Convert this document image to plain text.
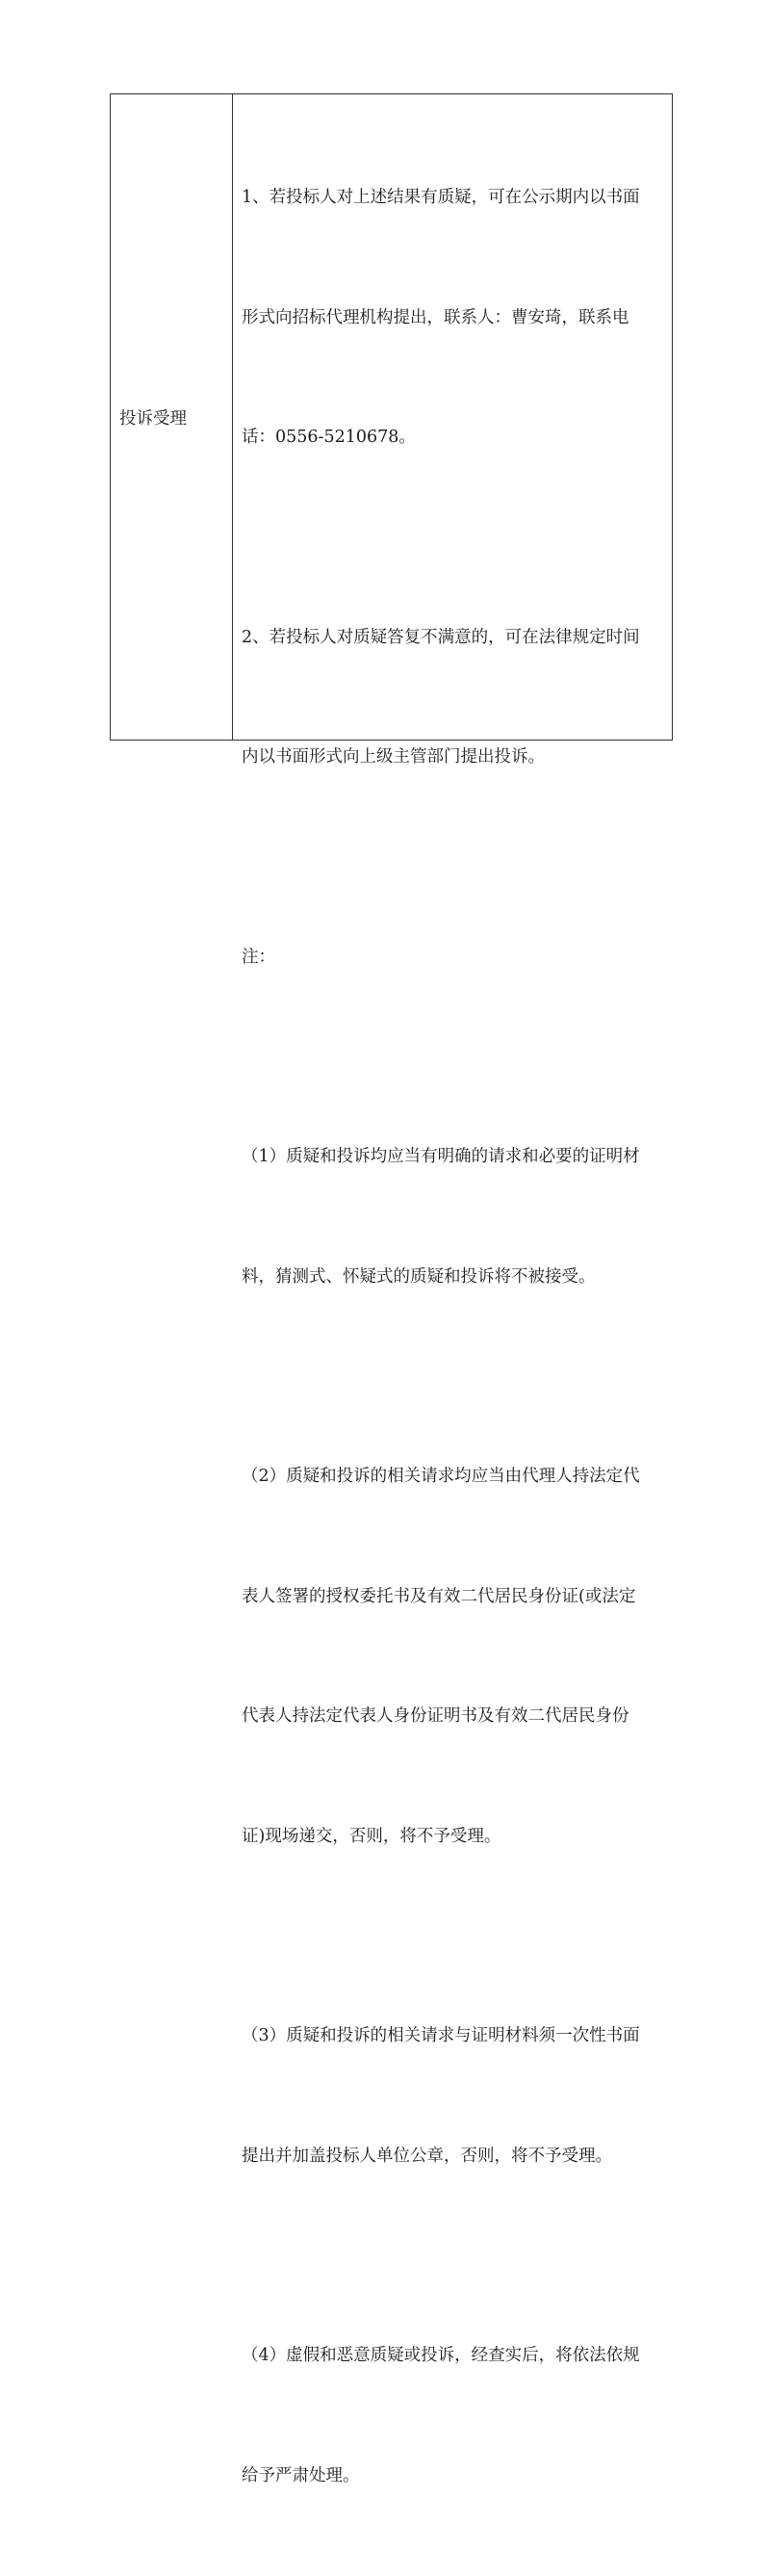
投诉受理

1、若投标人对上述结果有质疑，可在公示期内以书面

形式向招标代理机构提出，联系人：曹安琦，联系电

话：0556-5210678。

2、若投标人对质疑答复不满意的，可在法律规定时间

内以书面形式向上级主管部门提出投诉。

注：

（1）质疑和投诉均应当有明确的请求和必要的证明材

料，猜测式、怀疑式的质疑和投诉将不被接受。

（2）质疑和投诉的相关请求均应当由代理人持法定代

表人签署的授权委托书及有效二代居民身份证(或法定

代表人持法定代表人身份证明书及有效二代居民身份

证)现场递交，否则，将不予受理。

（3）质疑和投诉的相关请求与证明材料须一次性书面

提出并加盖投标人单位公章，否则，将不予受理。

（4）虚假和恶意质疑或投诉，经查实后，将依法依规

给予严肃处理。
